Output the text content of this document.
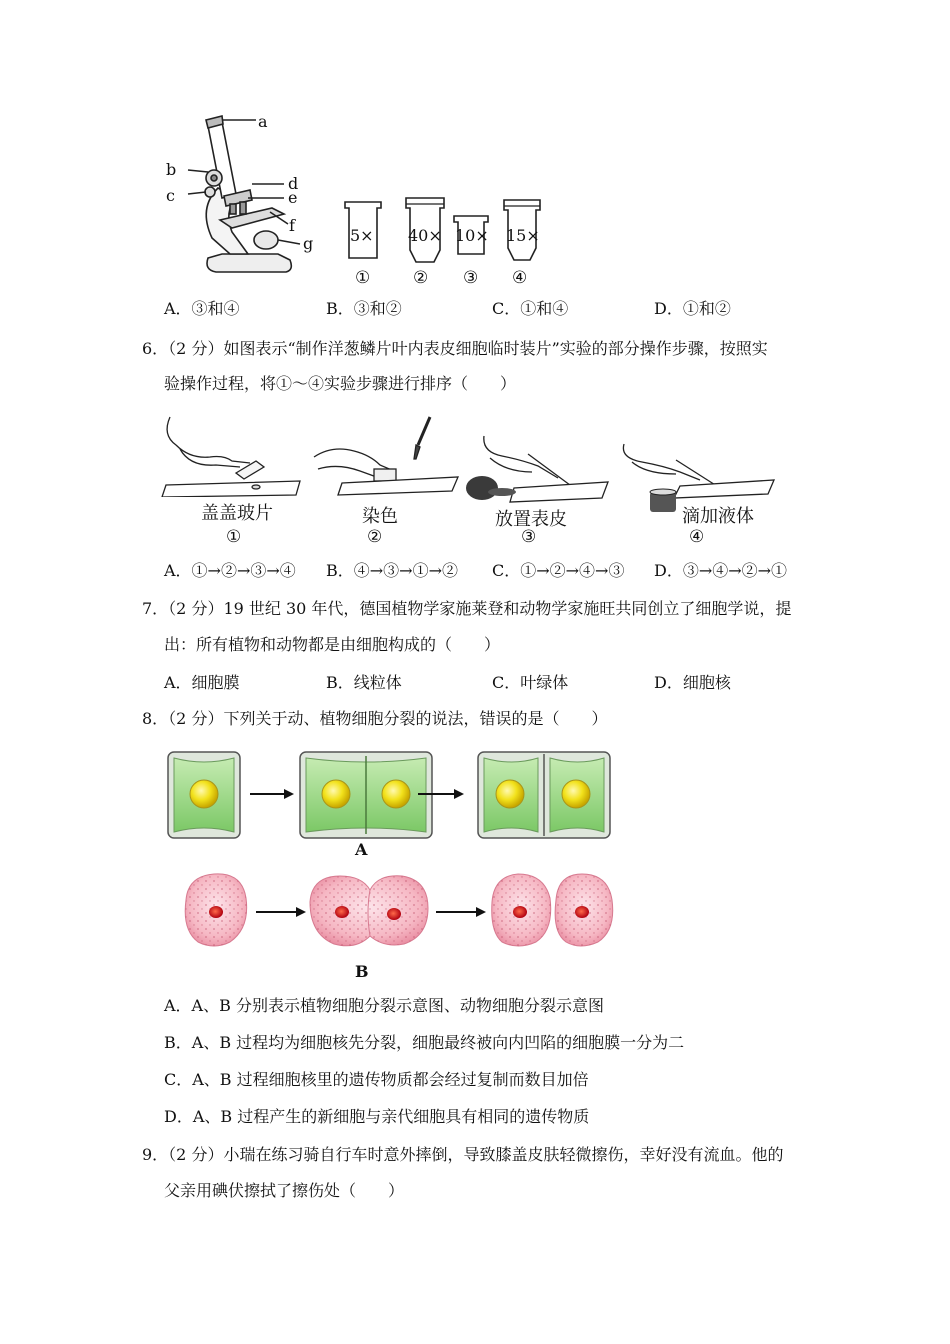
a
b
c
d
e
f
g 5×
①
40×
②
10×
③
15×
④
A．③和④	B．③和②	C．①和④	D．①和②
6．（2 分）如图表示“制作洋葱鳞片叶内表皮细胞临时装片”实验的部分操作步骤，按照实
验操作过程，将①～④实验步骤进行排序（　　）
盖盖玻片
①
染色
②
放置表皮
③
滴加液体
④
A．①→②→③→④ B．④→③→①→② C．①→②→④→③ D．③→④→②→①
7．（2 分）19 世纪 30 年代，德国植物学家施莱登和动物学家施旺共同创立了细胞学说，提
出：所有植物和动物都是由细胞构成的（　　）
A．细胞膜	B．线粒体	C．叶绿体	D．细胞核
8．（2 分）下列关于动、植物细胞分裂的说法，错误的是（　　）
A
B
A．A、B 分别表示植物细胞分裂示意图、动物细胞分裂示意图
B．A、B 过程均为细胞核先分裂，细胞最终被向内凹陷的细胞膜一分为二
C．A、B 过程细胞核里的遗传物质都会经过复制而数目加倍
D．A、B 过程产生的新细胞与亲代细胞具有相同的遗传物质
9．（2 分）小瑞在练习骑自行车时意外摔倒，导致膝盖皮肤轻微擦伤，幸好没有流血。他的
父亲用碘伏擦拭了擦伤处（　　）
